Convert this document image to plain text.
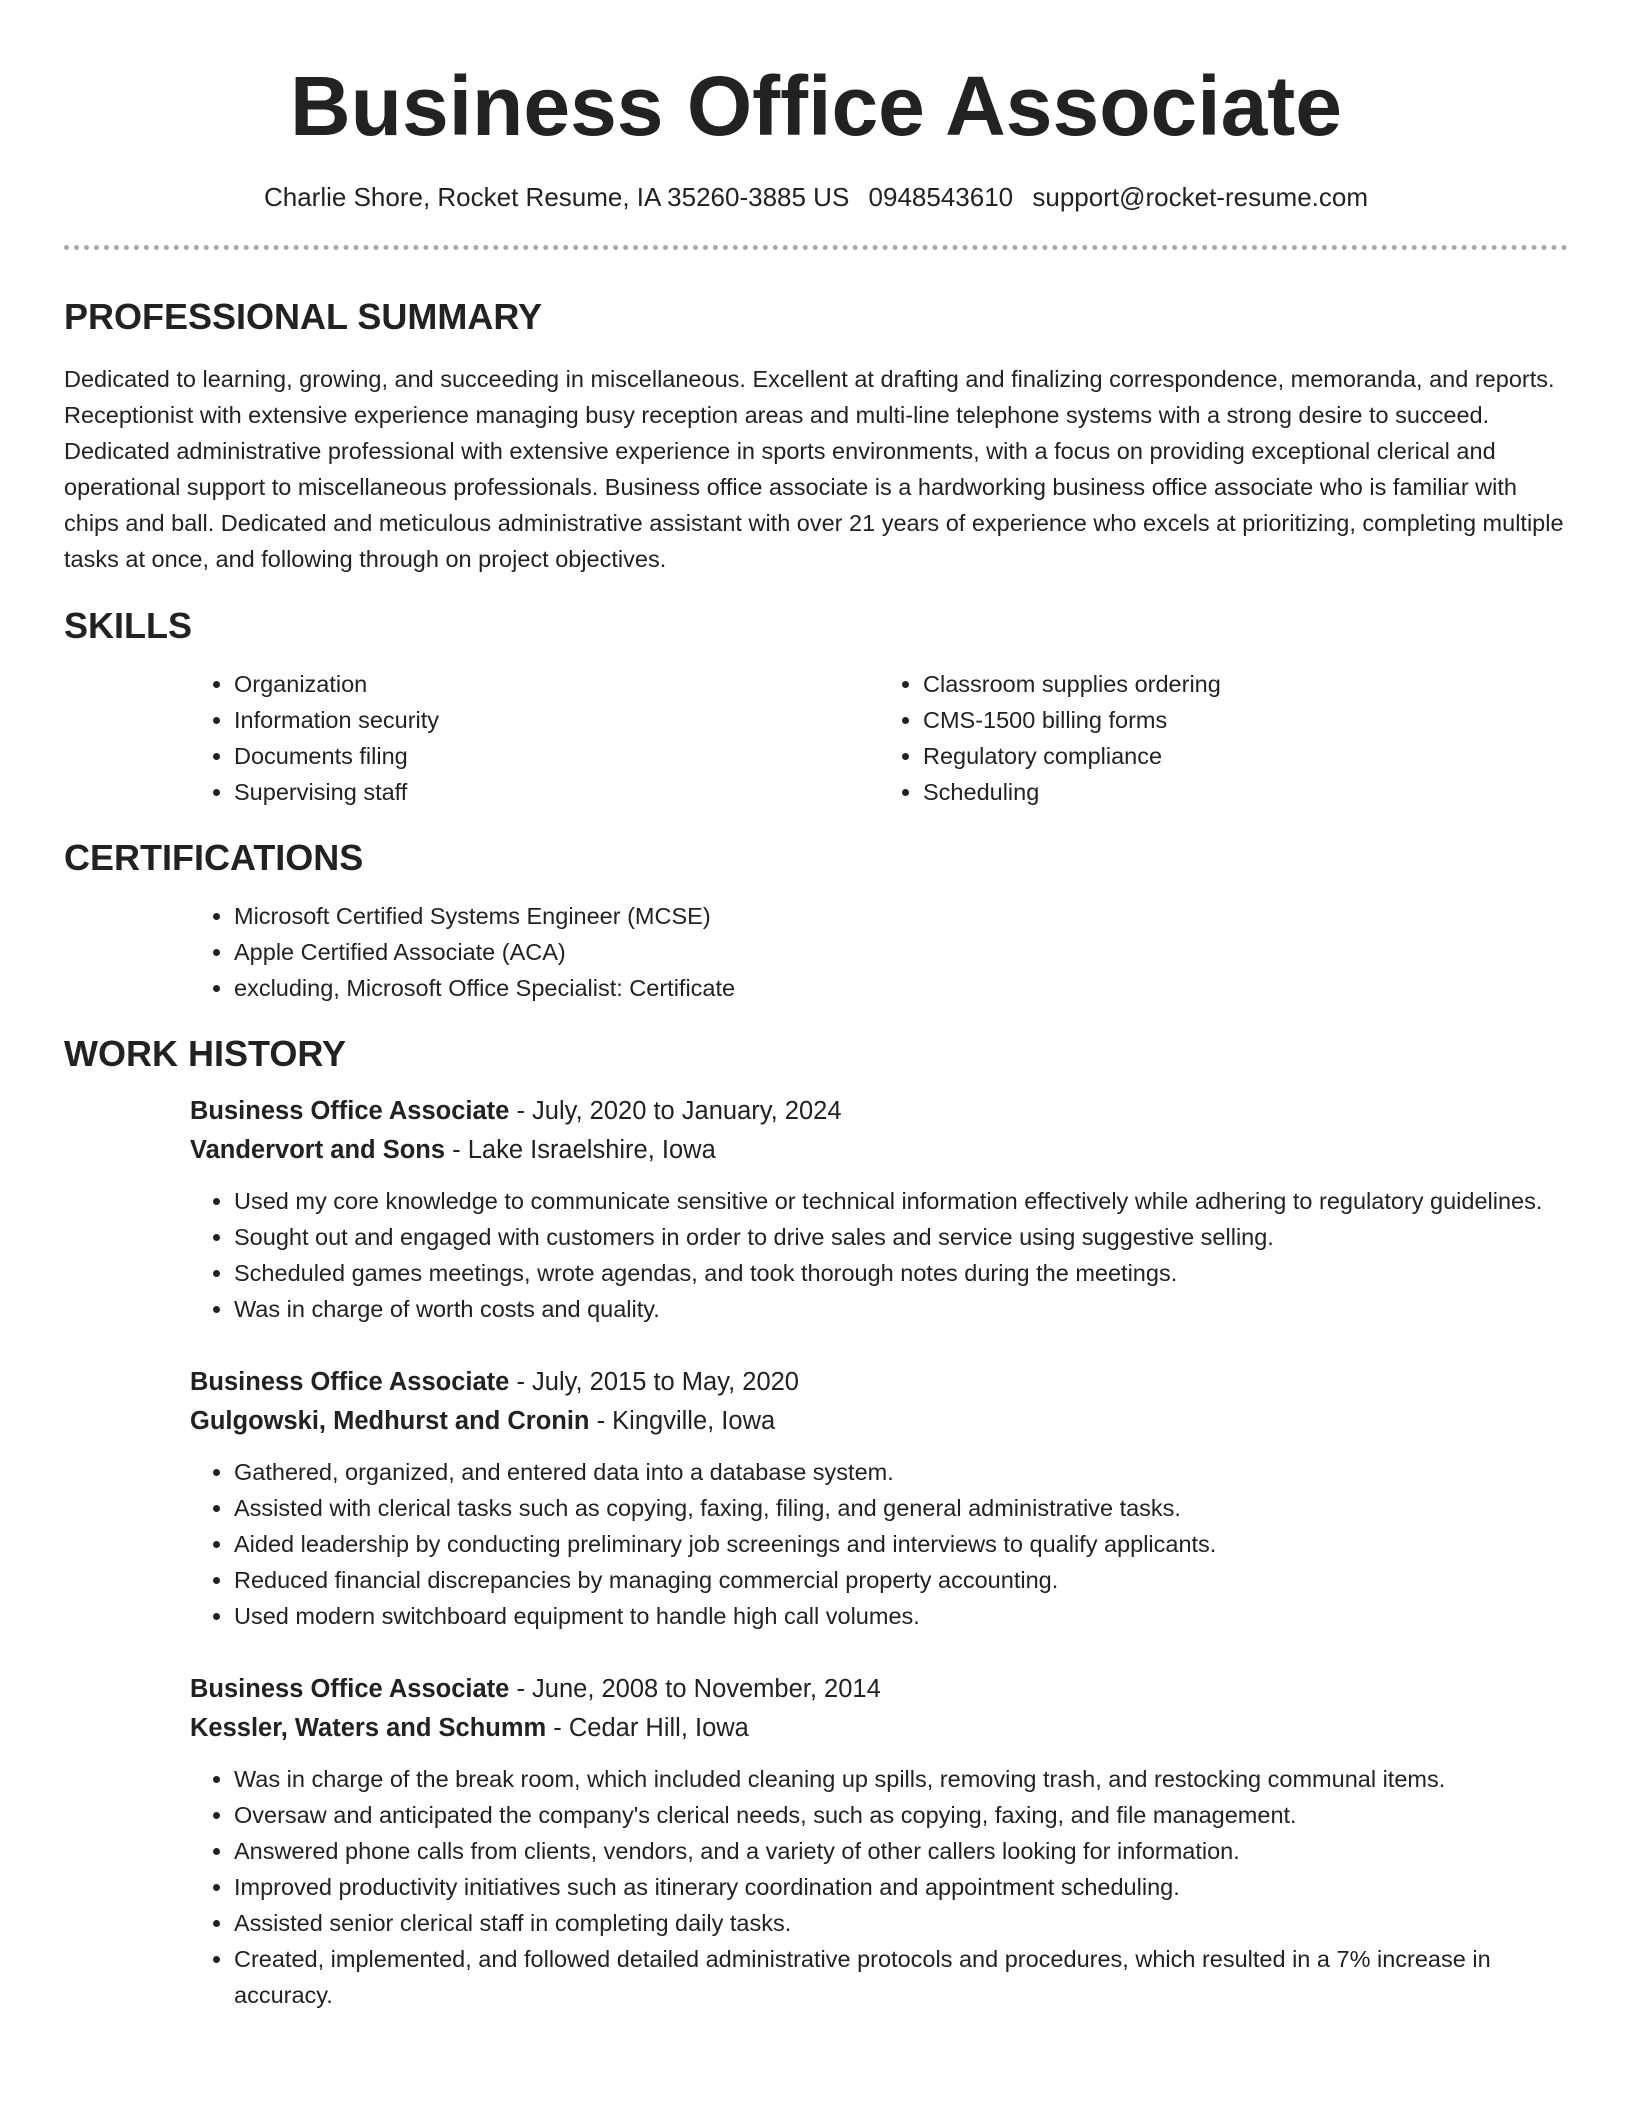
Business Office Associate
Charlie Shore, Rocket Resume, IA 35260-3885 US 0948543610 support@rocket-resume.com
PROFESSIONAL SUMMARY

Dedicated to learning, growing, and succeeding in miscellaneous. Excellent at drafting and finalizing correspondence, memoranda, and reports. Receptionist with extensive experience managing busy reception areas and multi-line telephone systems with a strong desire to succeed. Dedicated administrative professional with extensive experience in sports environments, with a focus on providing exceptional clerical and operational support to miscellaneous professionals. Business office associate is a hardworking business office associate who is familiar with chips and ball. Dedicated and meticulous administrative assistant with over 21 years of experience who excels at prioritizing, completing multiple tasks at once, and following through on project objectives.

SKILLS
• Organization
• Information security
• Documents filing
• Supervising staff
• Classroom supplies ordering
• CMS-1500 billing forms
• Regulatory compliance
• Scheduling
CERTIFICATIONS
• Microsoft Certified Systems Engineer (MCSE)
• Apple Certified Associate (ACA)
• excluding, Microsoft Office Specialist: Certificate
WORK HISTORY
Business Office Associate - July, 2020 to January, 2024
Vandervort and Sons - Lake Israelshire, Iowa
• Used my core knowledge to communicate sensitive or technical information effectively while adhering to regulatory guidelines.
• Sought out and engaged with customers in order to drive sales and service using suggestive selling.
• Scheduled games meetings, wrote agendas, and took thorough notes during the meetings.
• Was in charge of worth costs and quality.
Business Office Associate - July, 2015 to May, 2020
Gulgowski, Medhurst and Cronin - Kingville, Iowa
• Gathered, organized, and entered data into a database system.
• Assisted with clerical tasks such as copying, faxing, filing, and general administrative tasks.
• Aided leadership by conducting preliminary job screenings and interviews to qualify applicants.
• Reduced financial discrepancies by managing commercial property accounting.
• Used modern switchboard equipment to handle high call volumes.
Business Office Associate - June, 2008 to November, 2014
Kessler, Waters and Schumm - Cedar Hill, Iowa
• Was in charge of the break room, which included cleaning up spills, removing trash, and restocking communal items.
• Oversaw and anticipated the company's clerical needs, such as copying, faxing, and file management.
• Answered phone calls from clients, vendors, and a variety of other callers looking for information.
• Improved productivity initiatives such as itinerary coordination and appointment scheduling.
• Assisted senior clerical staff in completing daily tasks.
• Created, implemented, and followed detailed administrative protocols and procedures, which resulted in a 7% increase in accuracy.
